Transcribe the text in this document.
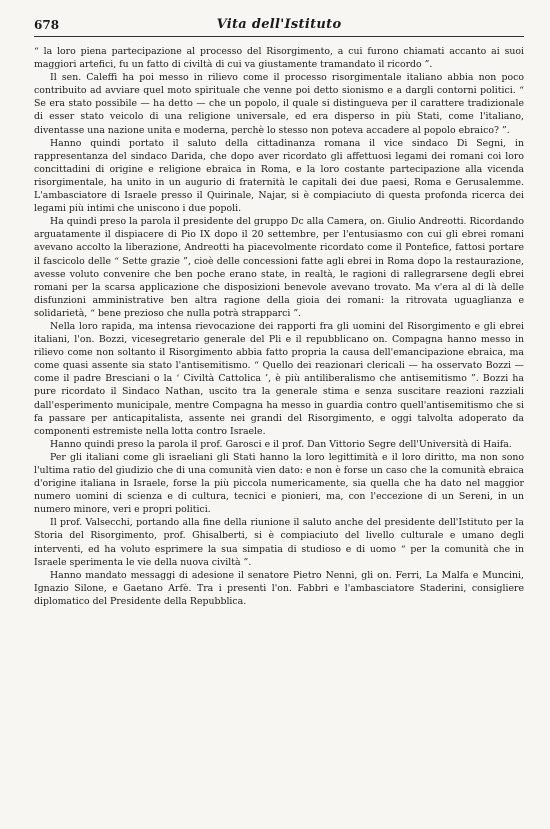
678	Vita dell'Istituto

“ la loro piena partecipazione al processo del Risorgimento, a cui furono chiamati accanto ai suoi maggiori artefici, fu un fatto di civiltà di cui va giustamente tramandato il ricordo ”.

Il sen. Caleffi ha poi messo in rilievo come il processo risorgimentale italiano abbia non poco contribuito ad avviare quel moto spirituale che venne poi detto sionismo e a dargli contorni politici. “ Se era stato possibile — ha detto — che un popolo, il quale si distingueva per il carattere tradizionale di esser stato veicolo di una religione universale, ed era disperso in più Stati, come l'italiano, diventasse una nazione unita e moderna, perchè lo stesso non poteva accadere al popolo ebraico? ”.

Hanno quindi portato il saluto della cittadinanza romana il vice sindaco Di Segni, in rappresentanza del sindaco Darida, che dopo aver ricordato gli affettuosi legami dei romani coi loro concittadini di origine e religione ebraica in Roma, e la loro costante partecipazione alla vicenda risorgimentale, ha unito in un augurio di fraternità le capitali dei due paesi, Roma e Gerusalemme. L'ambasciatore di Israele presso il Quirinale, Najar, si è compiaciuto di questa profonda ricerca dei legami più intimi che uniscono i due popoli.

Ha quindi preso la parola il presidente del gruppo Dc alla Camera, on. Giulio Andreotti. Ricordando arguatamente il dispiacere di Pio IX dopo il 20 settembre, per l'entusiasmo con cui gli ebrei romani avevano accolto la liberazione, Andreotti ha piacevolmente ricordato come il Pontefice, fattosi portare il fascicolo delle “ Sette grazie ”, cioè delle concessioni fatte agli ebrei in Roma dopo la restaurazione, avesse voluto convenire che ben poche erano state, in realtà, le ragioni di rallegrarsene degli ebrei romani per la scarsa applicazione che disposizioni benevole avevano trovato. Ma v'era al di là delle disfunzioni amministrative ben altra ragione della gioia dei romani: la ritrovata uguaglianza e solidarietà, “ bene prezioso che nulla potrà strapparci ”.

Nella loro rapida, ma intensa rievocazione dei rapporti fra gli uomini del Risorgimento e gli ebrei italiani, l'on. Bozzi, vicesegretario generale del Pli e il repubblicano on. Compagna hanno messo in rilievo come non soltanto il Risorgimento abbia fatto propria la causa dell'emancipazione ebraica, ma come quasi assente sia stato l'antisemitismo. “ Quello dei reazionari clericali — ha osservato Bozzi — come il padre Bresciani o la ‘ Civiltà Cattolica ’, è più antiliberalismo che antisemitismo ”. Bozzi ha pure ricordato il Sindaco Nathan, uscito tra la generale stima e senza suscitare reazioni razziali dall'esperimento municipale, mentre Compagna ha messo in guardia contro quell'antisemitismo che si fa passare per anticapitalista, assente nei grandi del Risorgimento, e oggi talvolta adoperato da componenti estremiste nella lotta contro Israele.

Hanno quindi preso la parola il prof. Garosci e il prof. Dan Vittorio Segre dell'Università di Haifa.

Per gli italiani come gli israeliani gli Stati hanno la loro legittimità e il loro diritto, ma non sono l'ultima ratio del giudizio che di una comunità vien dato: e non è forse un caso che la comunità ebraica d'origine italiana in Israele, forse la più piccola numericamente, sia quella che ha dato nel maggior numero uomini di scienza e di cultura, tecnici e pionieri, ma, con l'eccezione di un Sereni, in un numero minore, veri e propri politici.

Il prof. Valsecchi, portando alla fine della riunione il saluto anche del presidente dell'Istituto per la Storia del Risorgimento, prof. Ghisalberti, si è compiaciuto del livello culturale e umano degli interventi, ed ha voluto esprimere la sua simpatia di studioso e di uomo “ per la comunità che in Israele sperimenta le vie della nuova civiltà ”.

Hanno mandato messaggi di adesione il senatore Pietro Nenni, gli on. Ferri, La Malfa e Muncini, Ignazio Silone, e Gaetano Arfè. Tra i presenti l'on. Fabbri e l'ambasciatore Staderini, consigliere diplomatico del Presidente della Repubblica.
